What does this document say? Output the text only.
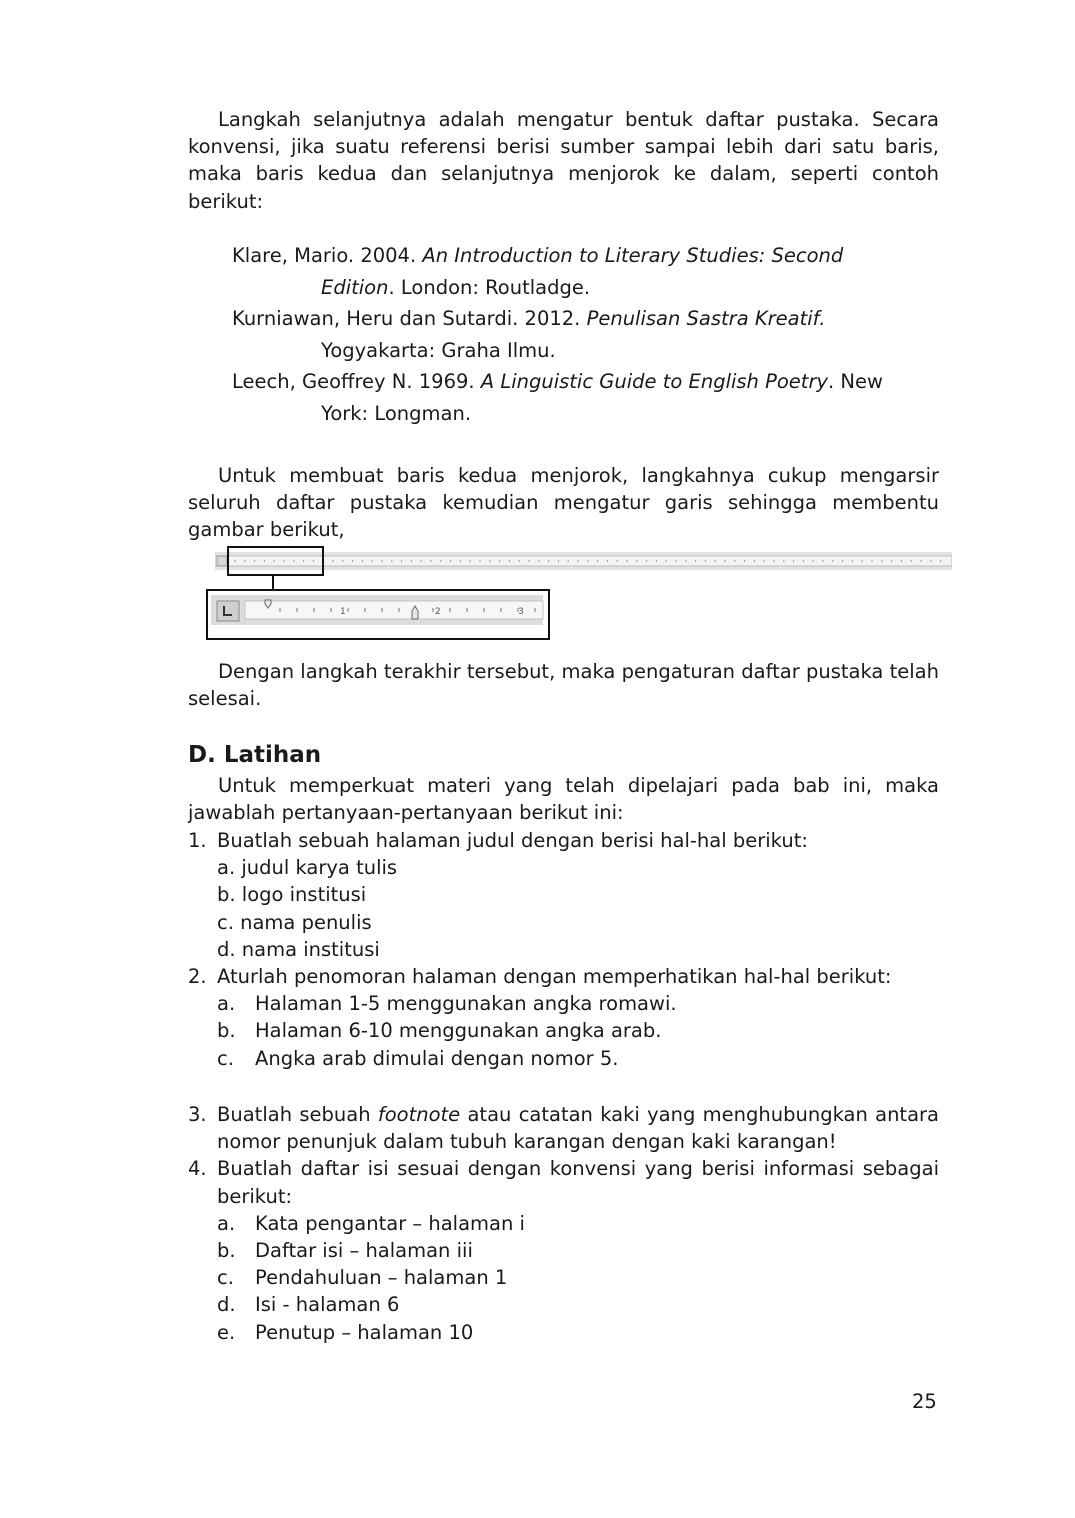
Langkah selanjutnya adalah mengatur bentuk daftar pustaka. Secara konvensi, jika suatu referensi berisi sumber sampai lebih dari satu baris, maka baris kedua dan selanjutnya menjorok ke dalam, seperti contoh berikut:

Klare, Mario. 2004. An Introduction to Literary Studies: Second
Edition. London: Routladge.
Kurniawan, Heru dan Sutardi. 2012. Penulisan Sastra Kreatif.
Yogyakarta: Graha Ilmu.
Leech, Geoffrey N. 1969. A Linguistic Guide to English Poetry. New
York: Longman.

Untuk membuat baris kedua menjorok, langkahnya cukup mengarsir seluruh daftar pustaka kemudian mengatur garis sehingga membentu gambar berikut,

1	2	3

Dengan langkah terakhir tersebut, maka pengaturan daftar pustaka telah selesai.

D. Latihan

Untuk memperkuat materi yang telah dipelajari pada bab ini, maka jawablah pertanyaan-pertanyaan berikut ini:

1. Buatlah sebuah halaman judul dengan berisi hal-hal berikut:
a. judul karya tulis
b. logo institusi
c. nama penulis
d. nama institusi
2. Aturlah penomoran halaman dengan memperhatikan hal-hal berikut:
a. Halaman 1-5 menggunakan angka romawi.
b. Halaman 6-10 menggunakan angka arab.
c. Angka arab dimulai dengan nomor 5.
3. Buatlah sebuah footnote atau catatan kaki yang menghubungkan antara nomor penunjuk dalam tubuh karangan dengan kaki karangan!
4. Buatlah daftar isi sesuai dengan konvensi yang berisi informasi sebagai berikut:
a. Kata pengantar – halaman i
b. Daftar isi – halaman iii
c. Pendahuluan – halaman 1
d. Isi - halaman 6
e. Penutup – halaman 10
25
